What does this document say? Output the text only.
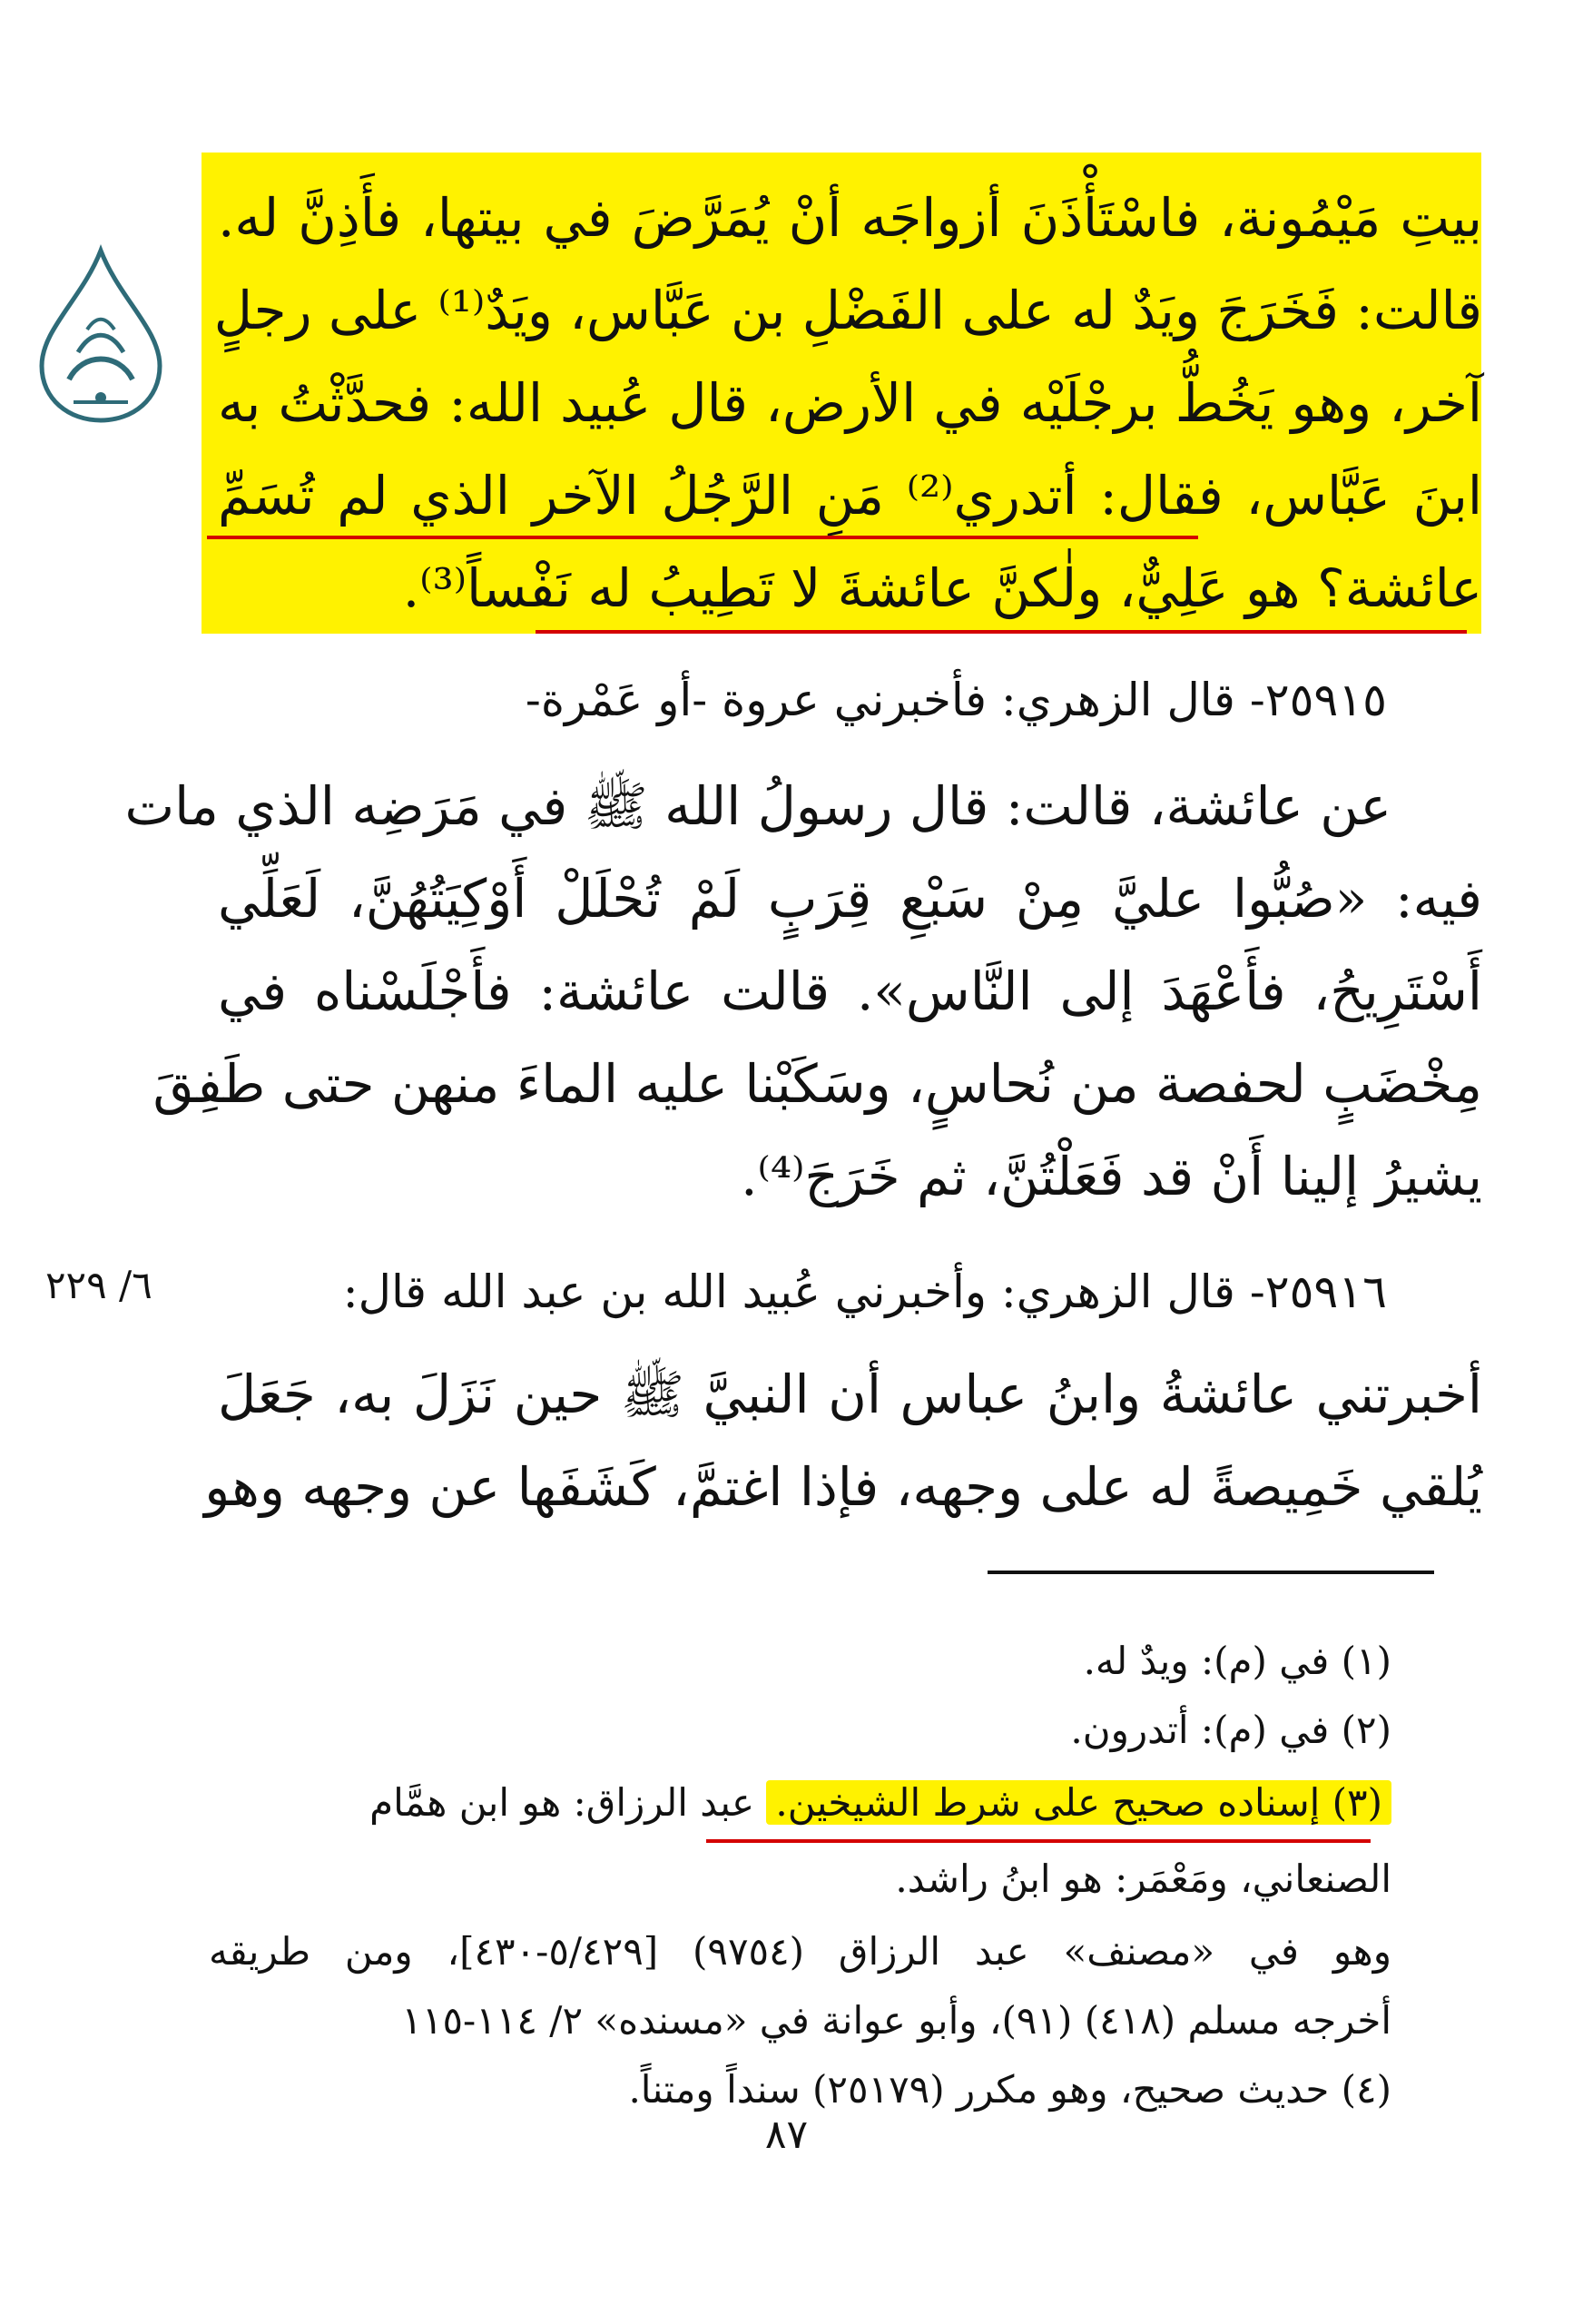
بيتِ مَيْمُونة، فاسْتَأْذَنَ أزواجَه أنْ يُمَرَّضَ في بيتها، فأَذِنَّ له.
قالت: فَخَرَجَ ويَدٌ له على الفَضْلِ بن عَبَّاس، ويَدٌ⁽¹⁾ على رجلٍ
آخر، وهو يَخُطُّ برجْلَيْه في الأرض، قال عُبيد الله: فحدَّثْتُ به
ابنَ عَبَّاس، فقال: أتدري⁽²⁾ مَنِ الرَّجُلُ الآخر الذي لم تُسَمِّ
عائشة؟ هو عَلِيٌّ، ولٰكنَّ عائشةَ لا تَطِيبُ له نَفْساً⁽³⁾.
٢٥٩١٥- قال الزهري: فأخبرني عروة -أو عَمْرة-
عن عائشة، قالت: قال رسولُ الله ﷺ في مَرَضِه الذي مات
فيه: «صُبُّوا عليَّ مِنْ سَبْعِ قِرَبٍ لَمْ تُحْلَلْ أَوْكِيَتُهُنَّ، لَعَلِّي
أَسْتَرِيحُ، فأَعْهَدَ إلى النَّاس». قالت عائشة: فأَجْلَسْناه في
مِخْضَبٍ لحفصة من نُحاسٍ، وسَكَبْنا عليه الماءَ منهن حتى طَفِقَ
يشيرُ إلينا أَنْ قد فَعَلْتُنَّ، ثم خَرَجَ⁽⁴⁾.
٦/ ٢٢٩	٢٥٩١٦- قال الزهري: وأخبرني عُبيد الله بن عبد الله قال:
أخبرتني عائشةُ وابنُ عباس أن النبيَّ ﷺ حين نَزَلَ به، جَعَلَ
يُلقي خَمِيصةً له على وجهه، فإذا اغتمَّ، كَشَفَها عن وجهه وهو
(١) في (م): ويدٌ له.
(٢) في (م): أتدرون.
(٣) إسناده صحيح على شرط الشيخين. عبد الرزاق: هو ابن همَّام
الصنعاني، ومَعْمَر: هو ابنُ راشد.
وهو في «مصنف» عبد الرزاق (٩٧٥٤) [٥/٤٢٩-٤٣٠]، ومن طريقه
أخرجه مسلم (٤١٨) (٩١)، وأبو عوانة في «مسنده» ٢/ ١١٤-١١٥
(٤) حديث صحيح، وهو مكرر (٢٥١٧٩) سنداً ومتناً.
٨٧
